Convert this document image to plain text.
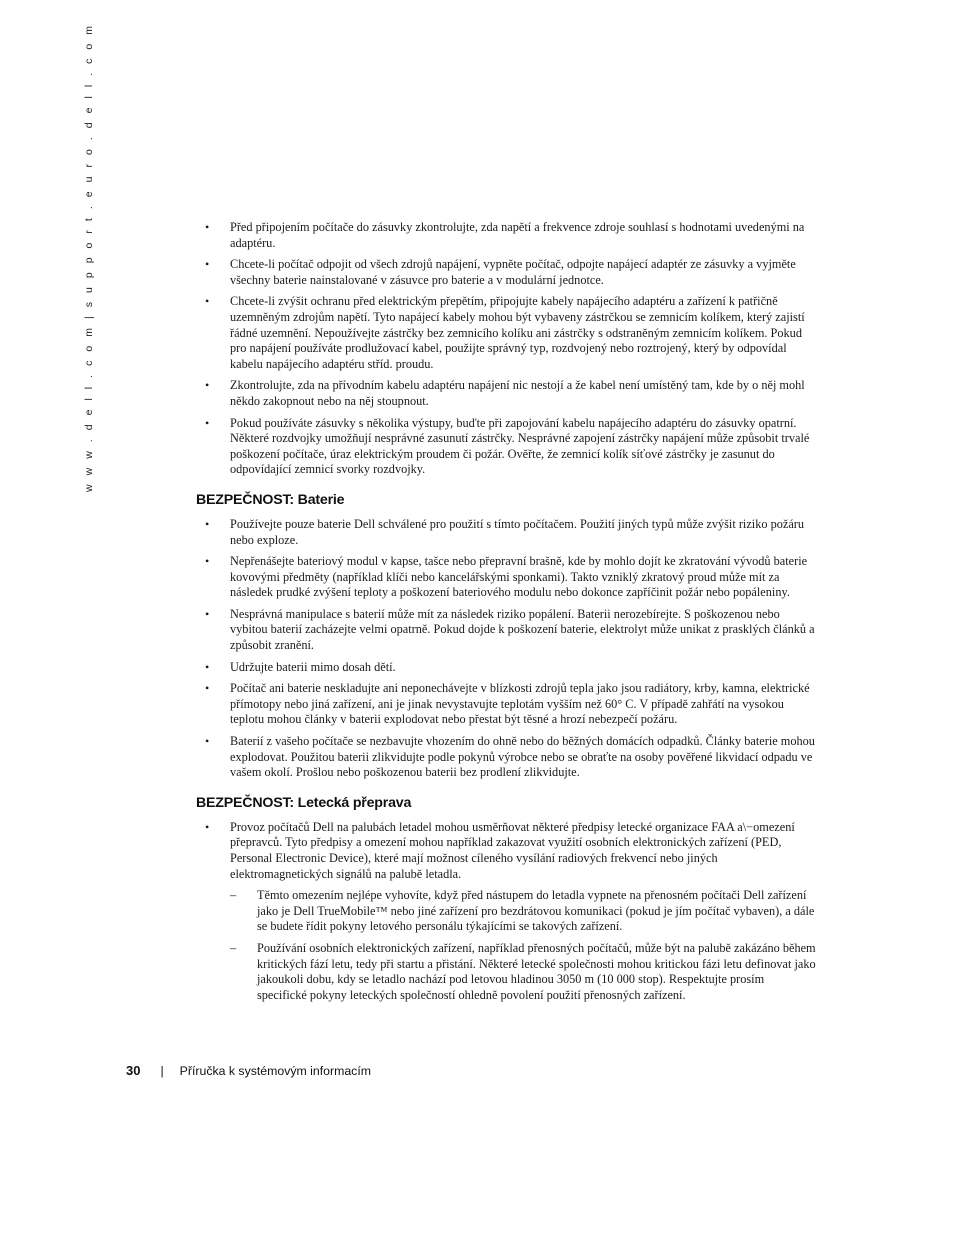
w w w . d e l l . c o m | s u p p o r t . e u r o . d e l l . c o m	• Před připojením počítače do zásuvky zkontrolujte, zda napětí a frekvence zdroje souhlasí s hodnotami uvedenými na adaptéru.
• Chcete-li počítač odpojit od všech zdrojů napájení, vypněte počítač, odpojte napájecí adaptér ze zásuvky a vyjměte všechny baterie nainstalované v zásuvce pro baterie a v modulární jednotce.
• Chcete-li zvýšit ochranu před elektrickým přepětím, připojujte kabely napájecího adaptéru a zařízení k patřičně uzemněným zdrojům napětí. Tyto napájecí kabely mohou být vybaveny zástrčkou se zemnicím kolíkem, který zajistí řádné uzemnění. Nepoužívejte zástrčky bez zemnicího kolíku ani zástrčky s odstraněným zemnicím kolíkem. Pokud pro napájení používáte prodlužovací kabel, použijte správný typ, rozdvojený nebo roztrojený, který by odpovídal kabelu napájecího adaptéru stříd. proudu.
• Zkontrolujte, zda na přívodním kabelu adaptéru napájení nic nestojí a že kabel není umístěný tam, kde by o něj mohl někdo zakopnout nebo na něj stoupnout.
• Pokud používáte zásuvky s několika výstupy, buďte při zapojování kabelu napájecího adaptéru do zásuvky opatrní. Některé rozdvojky umožňují nesprávné zasunutí zástrčky. Nesprávné zapojení zástrčky napájení může způsobit trvalé poškození počítače, úraz elektrickým proudem či požár. Ověřte, že zemnicí kolík síťové zástrčky je zasunut do odpovídající zemnicí svorky rozdvojky.
BEZPEČNOST: Baterie
• Používejte pouze baterie Dell schválené pro použití s tímto počítačem. Použití jiných typů může zvýšit riziko požáru nebo exploze.
• Nepřenášejte bateriový modul v kapse, tašce nebo přepravní brašně, kde by mohlo dojít ke zkratování vývodů baterie kovovými předměty (například klíči nebo kancelářskými sponkami). Takto vzniklý zkratový proud může mít za následek prudké zvýšení teploty a poškození bateriového modulu nebo dokonce zapříčinit požár nebo popáleniny.
• Nesprávná manipulace s baterií může mít za následek riziko popálení. Baterii nerozebírejte. S poškozenou nebo vybitou baterií zacházejte velmi opatrně. Pokud dojde k poškození baterie, elektrolyt může unikat z prasklých článků a způsobit zranění.
• Udržujte baterii mimo dosah dětí.
• Počítač ani baterie neskladujte ani neponechávejte v blízkosti zdrojů tepla jako jsou radiátory, krby, kamna, elektrické přímotopy nebo jiná zařízení, ani je jinak nevystavujte teplotám vyšším než 60° C. V případě zahřátí na vysokou teplotu mohou články v baterii explodovat nebo přestat být těsné a hrozí nebezpečí požáru.
• Baterií z vašeho počítače se nezbavujte vhozením do ohně nebo do běžných domácích odpadků. Články baterie mohou explodovat. Použitou baterii zlikvidujte podle pokynů výrobce nebo se obraťte na osoby pověřené likvidací odpadu ve vašem okolí. Prošlou nebo poškozenou baterii bez prodlení zlikvidujte.
BEZPEČNOST: Letecká přeprava
• Provoz počítačů Dell na palubách letadel mohou usměrňovat některé předpisy letecké organizace FAA a\−omezení přepravců. Tyto předpisy a omezení mohou například zakazovat využití osobních elektronických zařízení (PED, Personal Electronic Device), které mají možnost cíleného vysílání radiových frekvencí nebo jiných elektromagnetických signálů na palubě letadla.
– Těmto omezením nejlépe vyhovíte, když před nástupem do letadla vypnete na přenosném počítači Dell zařízení jako je Dell TrueMobile™ nebo jiné zařízení pro bezdrátovou komunikaci (pokud je jím počítač vybaven), a dále se budete řídit pokyny letového personálu týkajícími se takových zařízení.
– Používání osobních elektronických zařízení, například přenosných počítačů, může být na palubě zakázáno během kritických fází letu, tedy při startu a přistání. Některé letecké společnosti mohou kritickou fázi letu definovat jako jakoukoli dobu, kdy se letadlo nachází pod letovou hladinou 3050 m (10 000 stop). Respektujte prosím specifické pokyny leteckých společností ohledně povolení použití přenosných zařízení.
30 | Příručka k systémovým informacím
